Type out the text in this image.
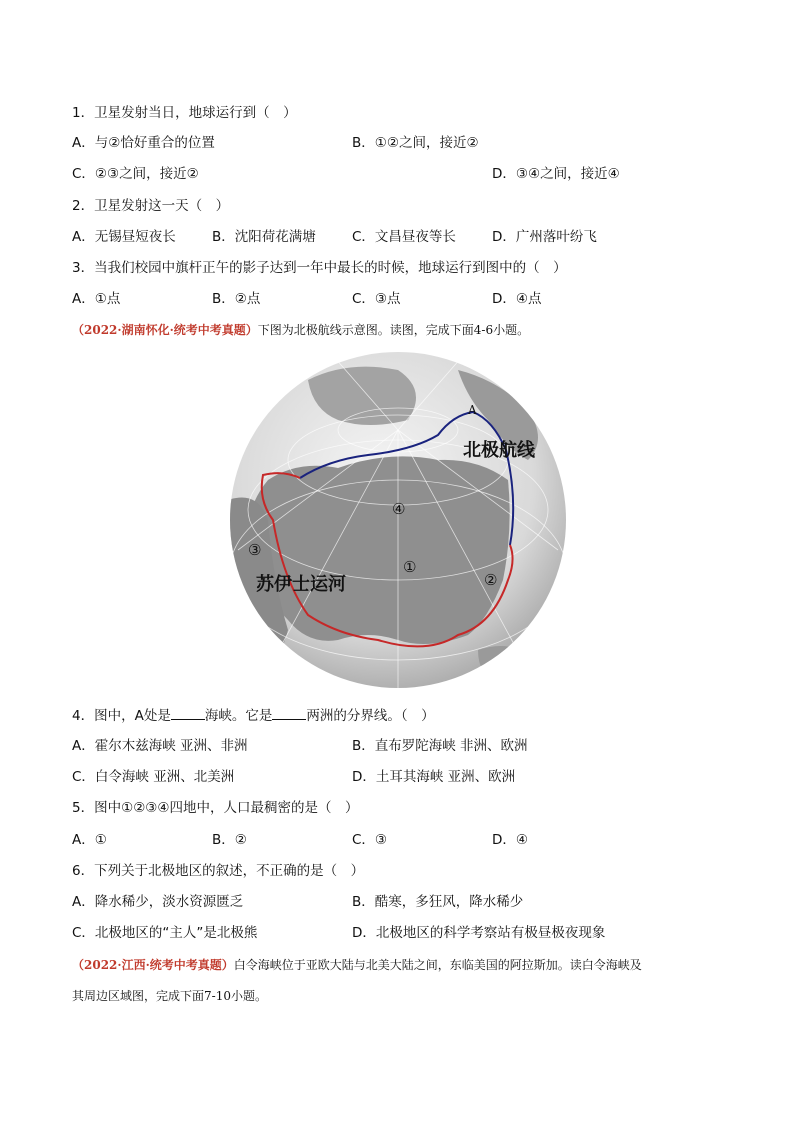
1．卫星发射当日，地球运行到（　）
A．与②恰好重合的位置	B．①②之间，接近②
C．②③之间，接近②	D．③④之间，接近④
2．卫星发射这一天（　）
A．无锡昼短夜长	B．沈阳荷花满塘	C．文昌昼夜等长	D．广州落叶纷飞
3．当我们校园中旗杆正午的影子达到一年中最长的时候，地球运行到图中的（　）
A．①点	B．②点	C．③点	D．④点
（2022·湖南怀化·统考中考真题）下图为北极航线示意图。读图，完成下面4-6小题。
A
北极航线
苏伊士运河
④
①
②
③
4．图中，A处是	海峡。它是	两洲的分界线。（　）
A．霍尔木兹海峡 亚洲、非洲	B．直布罗陀海峡 非洲、欧洲
C．白令海峡 亚洲、北美洲	D．土耳其海峡 亚洲、欧洲
5．图中①②③④四地中，人口最稠密的是（　）
A．①	B．②	C．③	D．④
6．下列关于北极地区的叙述，不正确的是（　）
A．降水稀少，淡水资源匮乏	B．酷寒，多狂风，降水稀少
C．北极地区的“主人”是北极熊	D．北极地区的科学考察站有极昼极夜现象
（2022·江西·统考中考真题）白令海峡位于亚欧大陆与北美大陆之间，东临美国的阿拉斯加。读白令海峡及
其周边区域图，完成下面7-10小题。
